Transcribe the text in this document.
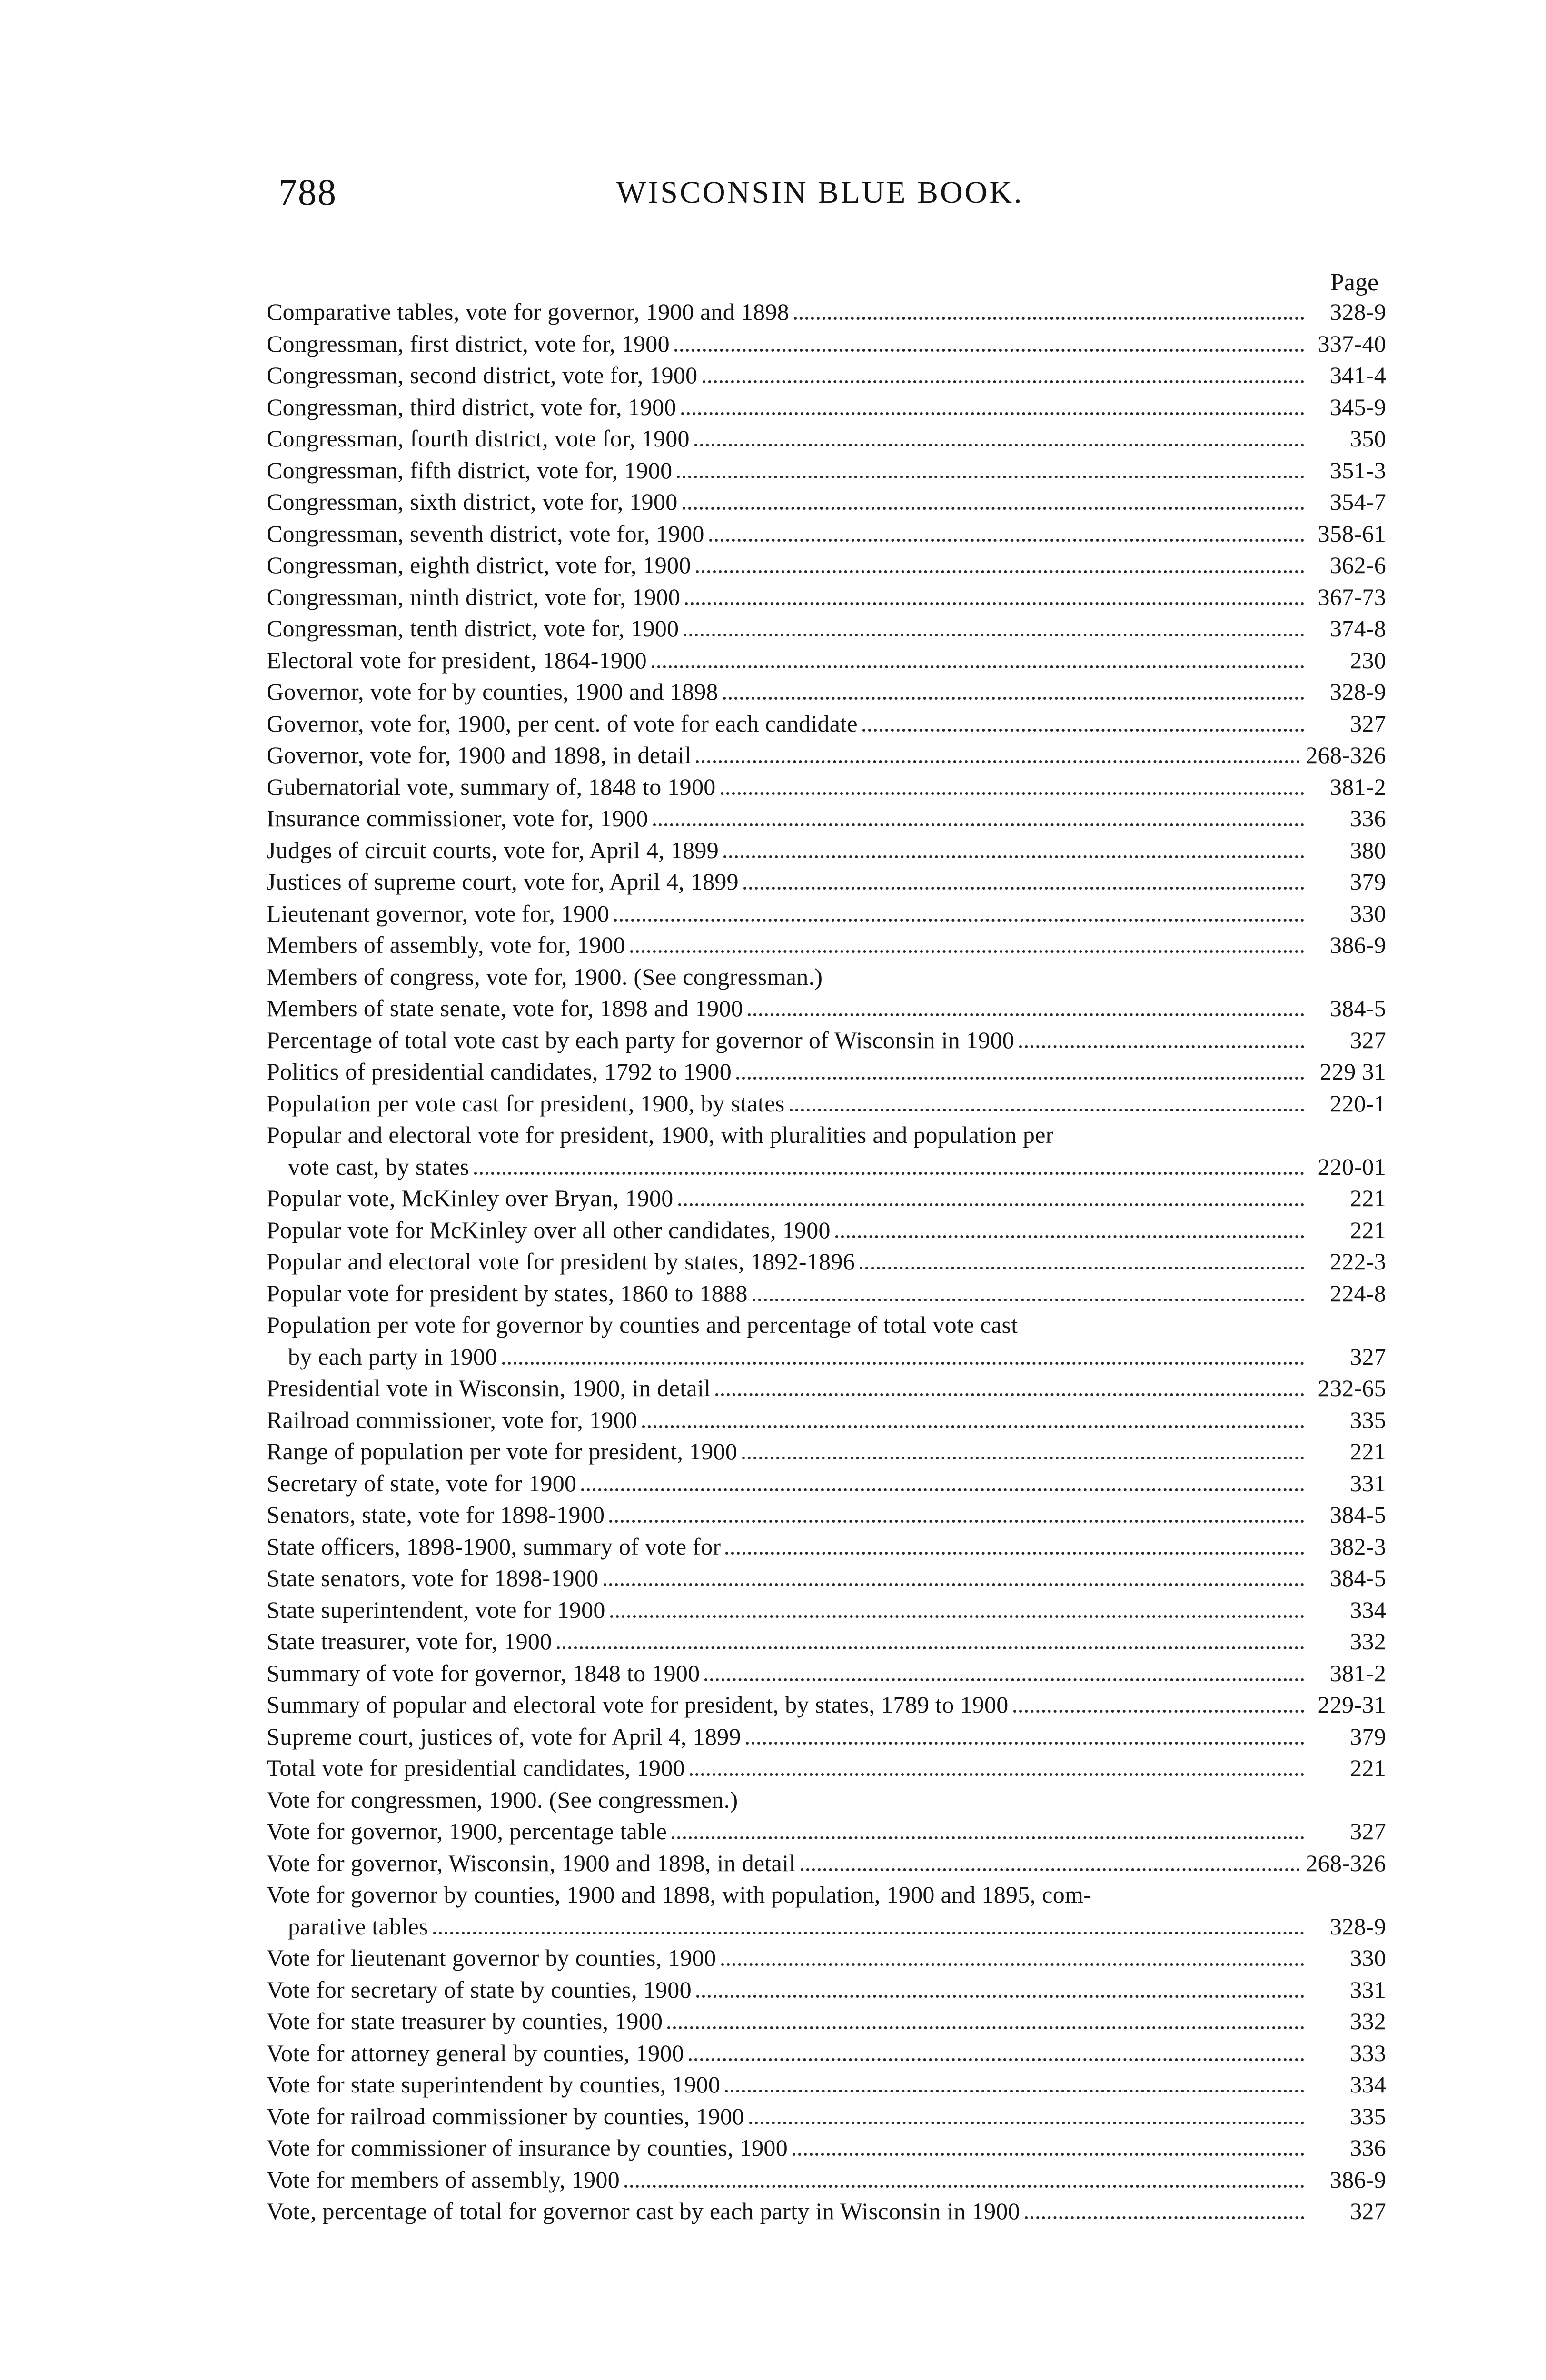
788	WISCONSIN BLUE BOOK.
Page
Comparative tables, vote for governor, 1900 and 1898	328-9
Congressman, first district, vote for, 1900	337-40
Congressman, second district, vote for, 1900	341-4
Congressman, third district, vote for, 1900	345-9
Congressman, fourth district, vote for, 1900	350
Congressman, fifth district, vote for, 1900	351-3
Congressman, sixth district, vote for, 1900	354-7
Congressman, seventh district, vote for, 1900	358-61
Congressman, eighth district, vote for, 1900	362-6
Congressman, ninth district, vote for, 1900	367-73
Congressman, tenth district, vote for, 1900	374-8
Electoral vote for president, 1864-1900	230
Governor, vote for by counties, 1900 and 1898	328-9
Governor, vote for, 1900, per cent. of vote for each candidate	327
Governor, vote for, 1900 and 1898, in detail	268-326
Gubernatorial vote, summary of, 1848 to 1900	381-2
Insurance commissioner, vote for, 1900	336
Judges of circuit courts, vote for, April 4, 1899	380
Justices of supreme court, vote for, April 4, 1899	379
Lieutenant governor, vote for, 1900	330
Members of assembly, vote for, 1900	386-9
Members of congress, vote for, 1900. (See congressman.)
Members of state senate, vote for, 1898 and 1900	384-5
Percentage of total vote cast by each party for governor of Wisconsin in 1900	327
Politics of presidential candidates, 1792 to 1900	229 31
Population per vote cast for president, 1900, by states	220-1
Popular and electoral vote for president, 1900, with pluralities and population per
vote cast, by states	220-01
Popular vote, McKinley over Bryan, 1900	221
Popular vote for McKinley over all other candidates, 1900	221
Popular and electoral vote for president by states, 1892-1896	222-3
Popular vote for president by states, 1860 to 1888	224-8
Population per vote for governor by counties and percentage of total vote cast
by each party in 1900	327
Presidential vote in Wisconsin, 1900, in detail	232-65
Railroad commissioner, vote for, 1900	335
Range of population per vote for president, 1900	221
Secretary of state, vote for 1900	331
Senators, state, vote for 1898-1900	384-5
State officers, 1898-1900, summary of vote for	382-3
State senators, vote for 1898-1900	384-5
State superintendent, vote for 1900	334
State treasurer, vote for, 1900	332
Summary of vote for governor, 1848 to 1900	381-2
Summary of popular and electoral vote for president, by states, 1789 to 1900	229-31
Supreme court, justices of, vote for April 4, 1899	379
Total vote for presidential candidates, 1900	221
Vote for congressmen, 1900. (See congressmen.)
Vote for governor, 1900, percentage table	327
Vote for governor, Wisconsin, 1900 and 1898, in detail	268-326
Vote for governor by counties, 1900 and 1898, with population, 1900 and 1895, com-
parative tables	328-9
Vote for lieutenant governor by counties, 1900	330
Vote for secretary of state by counties, 1900	331
Vote for state treasurer by counties, 1900	332
Vote for attorney general by counties, 1900	333
Vote for state superintendent by counties, 1900	334
Vote for railroad commissioner by counties, 1900	335
Vote for commissioner of insurance by counties, 1900	336
Vote for members of assembly, 1900	386-9
Vote, percentage of total for governor cast by each party in Wisconsin in 1900	327
